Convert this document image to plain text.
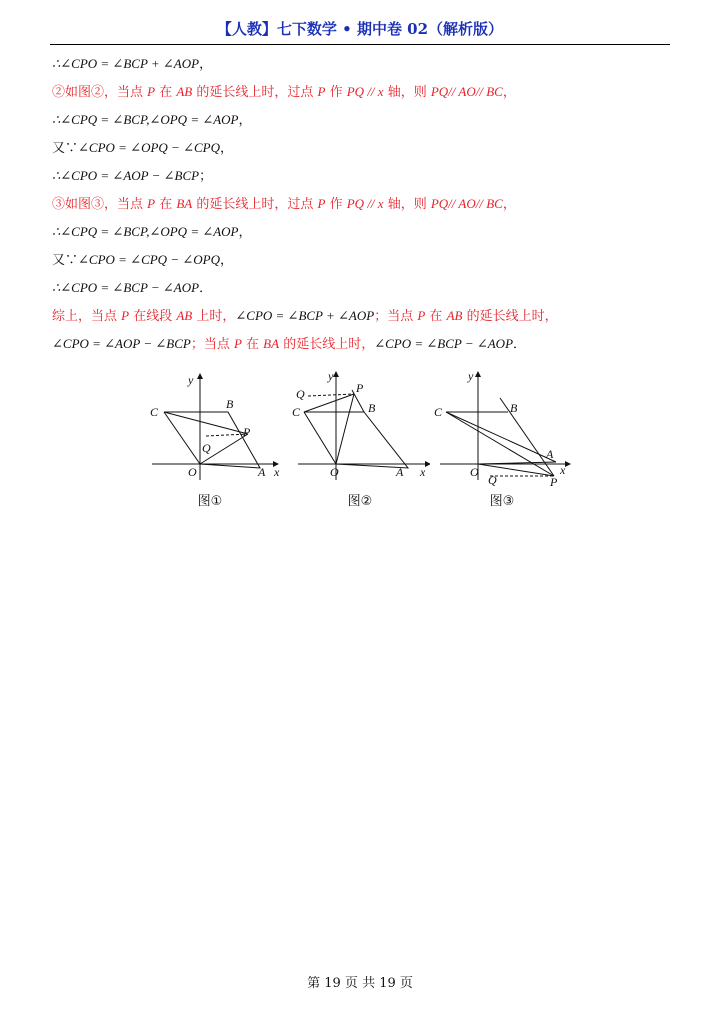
【人教】七下数学 • 期中卷 02（解析版）
∴∠CPO = ∠BCP + ∠AOP，
②如图②，当点 P 在 AB 的延长线上时，过点 P 作 PQ // x 轴，则 PQ// AO// BC，
∴∠CPQ = ∠BCP,∠OPQ = ∠AOP，
又∵∠CPO = ∠OPQ − ∠CPQ，
∴∠CPO = ∠AOP − ∠BCP；
③如图③，当点 P 在 BA 的延长线上时，过点 P 作 PQ // x 轴，则 PQ// AO// BC，
∴∠CPQ = ∠BCP,∠OPQ = ∠AOP，
又∵∠CPO = ∠CPQ − ∠OPQ，
∴∠CPO = ∠BCP − ∠AOP．
综上，当点 P 在线段 AB 上时，∠CPO = ∠BCP + ∠AOP；当点 P 在 AB 的延长线上时，
∠CPO = ∠AOP − ∠BCP；当点 P 在 BA 的延长线上时，∠CPO = ∠BCP − ∠AOP．
y
x
C
B
P
Q
O	A
图①
y
x
Q	P
C	B
O	A
图②
y
x
C	B
A
O
Q	P
图③
第 19 页 共 19 页
